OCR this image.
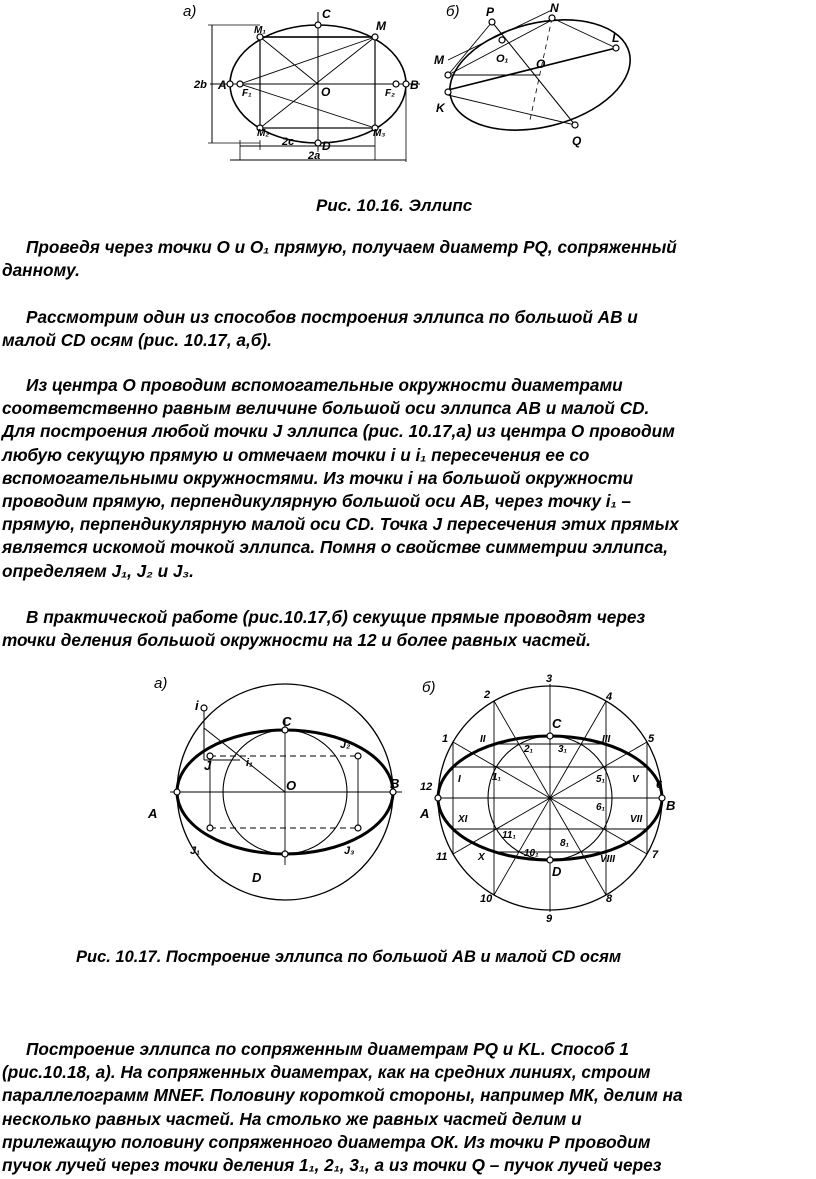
а)	б)
C
M
M₁
A
F₁	O	F₂
B
M₂	M₃
D
2b
2c
2a
P	N
L
M	O₁ O
K
Q
Рис. 10.16. Эллипс

Проведя через точки О и О₁ прямую, получаем диаметр PQ, сопряженный
данному.

Рассмотрим один из способов построения эллипса по большой АВ и
малой CD осям (рис. 10.17, а,б).

Из центра О проводим вспомогательные окружности диаметрами
соответственно равным величине большой оси эллипса АВ и малой CD.
Для построения любой точки J эллипса (рис. 10.17,а) из центра О проводим
любую секущую прямую и отмечаем точки i и i₁ пересечения ее со
вспомогательными окружностями. Из точки i на большой окружности
проводим прямую, перпендикулярную большой оси АВ, через точку i₁ –
прямую, перпендикулярную малой оси CD. Точка J пересечения этих прямых
является искомой точкой эллипса. Помня о свойстве симметрии эллипса,
определяем J₁, J₂ и J₃.

В практической работе (рис.10.17,б) секущие прямые проводят через
точки деления большой окружности на 12 и более равных частей.

а)	б)
i
C
J₂
J	i₁
O
A
B
J₁	J₃
D
3
2	4
1	5
12	6
11	7
10	8
9
II	III
I	V
XI	VII
X	VIII
2₁ 3₁
1₁	5₁
6₁
11₁
10₁
8₁
C
A
B
D
Рис. 10.17. Построение эллипса по большой АВ и малой CD осям

Построение эллипса по сопряженным диаметрам PQ и KL. Способ 1
(рис.10.18, а). На сопряженных диаметрах, как на средних линиях, строим
параллелограмм MNEF. Половину короткой стороны, например МК, делим на
несколько равных частей. На столько же равных частей делим и
прилежащую половину сопряженного диаметра ОК. Из точки Р проводим
пучок лучей через точки деления 1₁, 2₁, 3₁, а из точки Q – пучок лучей через
